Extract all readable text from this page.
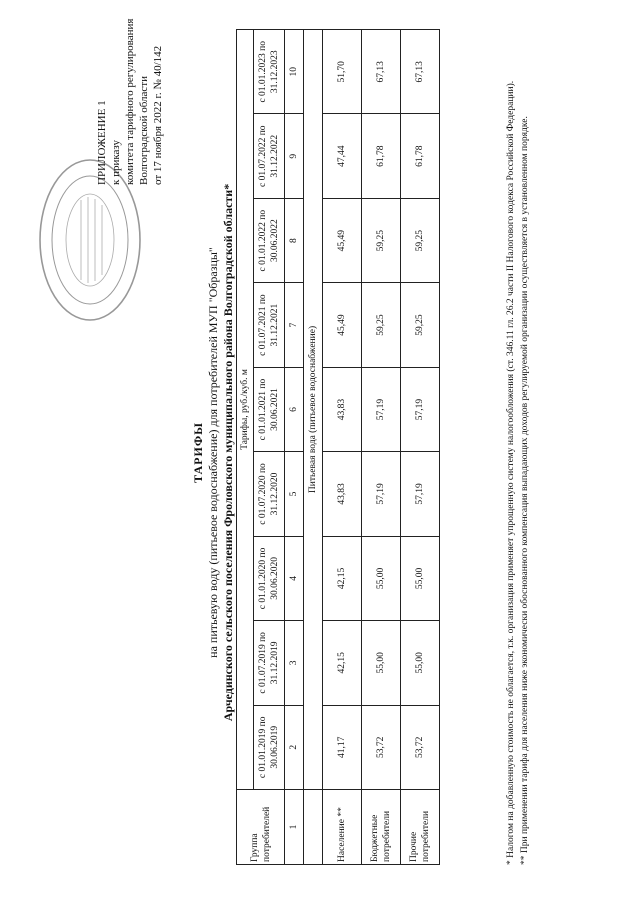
ПРИЛОЖЕНИЕ 1 к приказу комитета тарифного регулирования Волгоградской области от 17 ноября 2022 г. № 40/142
ТАРИФЫ на питьевую воду (питьевое водоснабжение) для потребителей МУП "Образцы" Арчединского сельского поселения Фроловского муниципального района Волгоградской области*
Группа потребителей	Тарифы, руб./куб. м								
	с 01.01.2019 по 30.06.2019	с 01.07.2019 по 31.12.2019	с 01.01.2020 по 30.06.2020	с 01.07.2020 по 31.12.2020	с 01.01.2021 по 30.06.2021	с 01.07.2021 по 31.12.2021	с 01.01.2022 по 30.06.2022	с 01.07.2022 по 31.12.2022	с 01.01.2023 по 31.12.2023
1	2	3	4	5	6	7	8	9	10
	Питьевая вода (питьевое водоснабжение)								
Население **	41,17	42,15	42,15	43,83	43,83	45,49	45,49	47,44	51,70
Бюджетные потребители	53,72	55,00	55,00	57,19	57,19	59,25	59,25	61,78	67,13
Прочие потребители	53,72	55,00	55,00	57,19	57,19	59,25	59,25	61,78	67,13

* Налогом на добавленную стоимость не облагается, т.к. организация применяет упрощенную систему налогообложения (ст. 346.11 гл. 26.2 части II Налогового кодекса Российской Федерации). ** При применении тарифа для населения ниже экономически обоснованного компенсация выпадающих доходов регулируемой организации осуществляется в установленном порядке.
